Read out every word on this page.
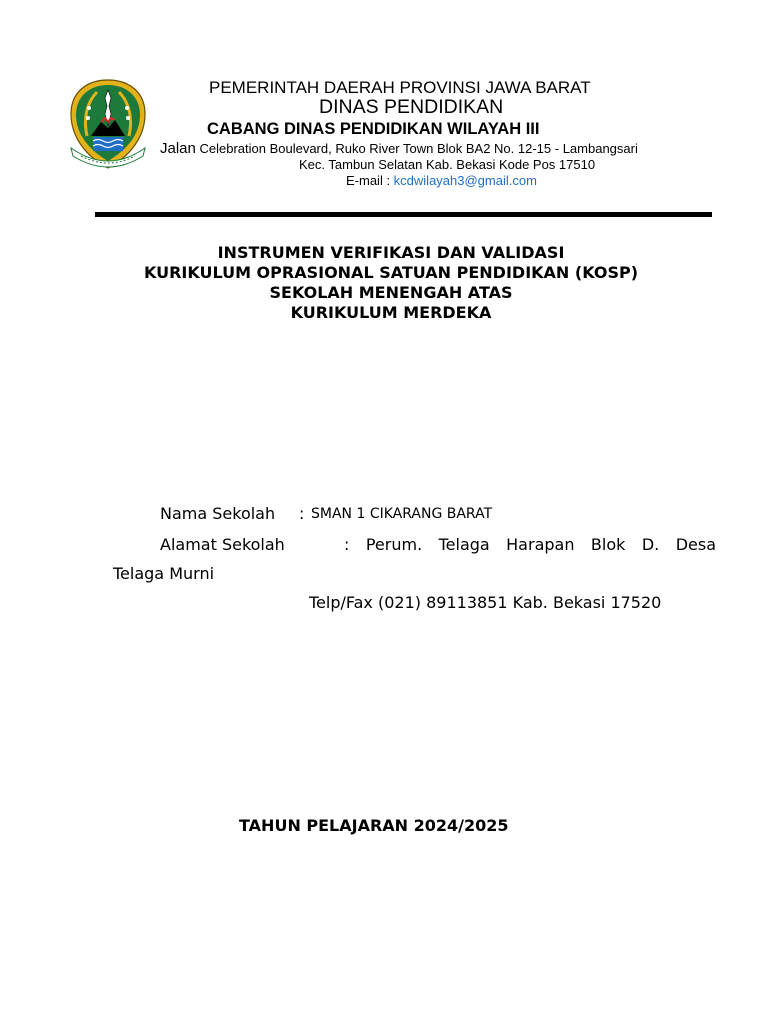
PEMERINTAH DAERAH PROVINSI JAWA BARAT
DINAS PENDIDIKAN
CABANG DINAS PENDIDIKAN WILAYAH III
Jalan Celebration Boulevard, Ruko River Town Blok BA2 No. 12-15 - Lambangsari
Kec. Tambun Selatan Kab. Bekasi Kode Pos 17510
E-mail : kcdwilayah3@gmail.com
INSTRUMEN VERIFIKASI DAN VALIDASI
KURIKULUM OPRASIONAL SATUAN PENDIDIKAN (KOSP)
SEKOLAH MENENGAH ATAS
KURIKULUM MERDEKA
Nama Sekolah : SMAN 1 CIKARANG BARAT
Alamat Sekolah	: Perum. Telaga Harapan Blok D. Desa
Telaga Murni
Telp/Fax (021) 89113851 Kab. Bekasi 17520
TAHUN PELAJARAN 2024/2025
